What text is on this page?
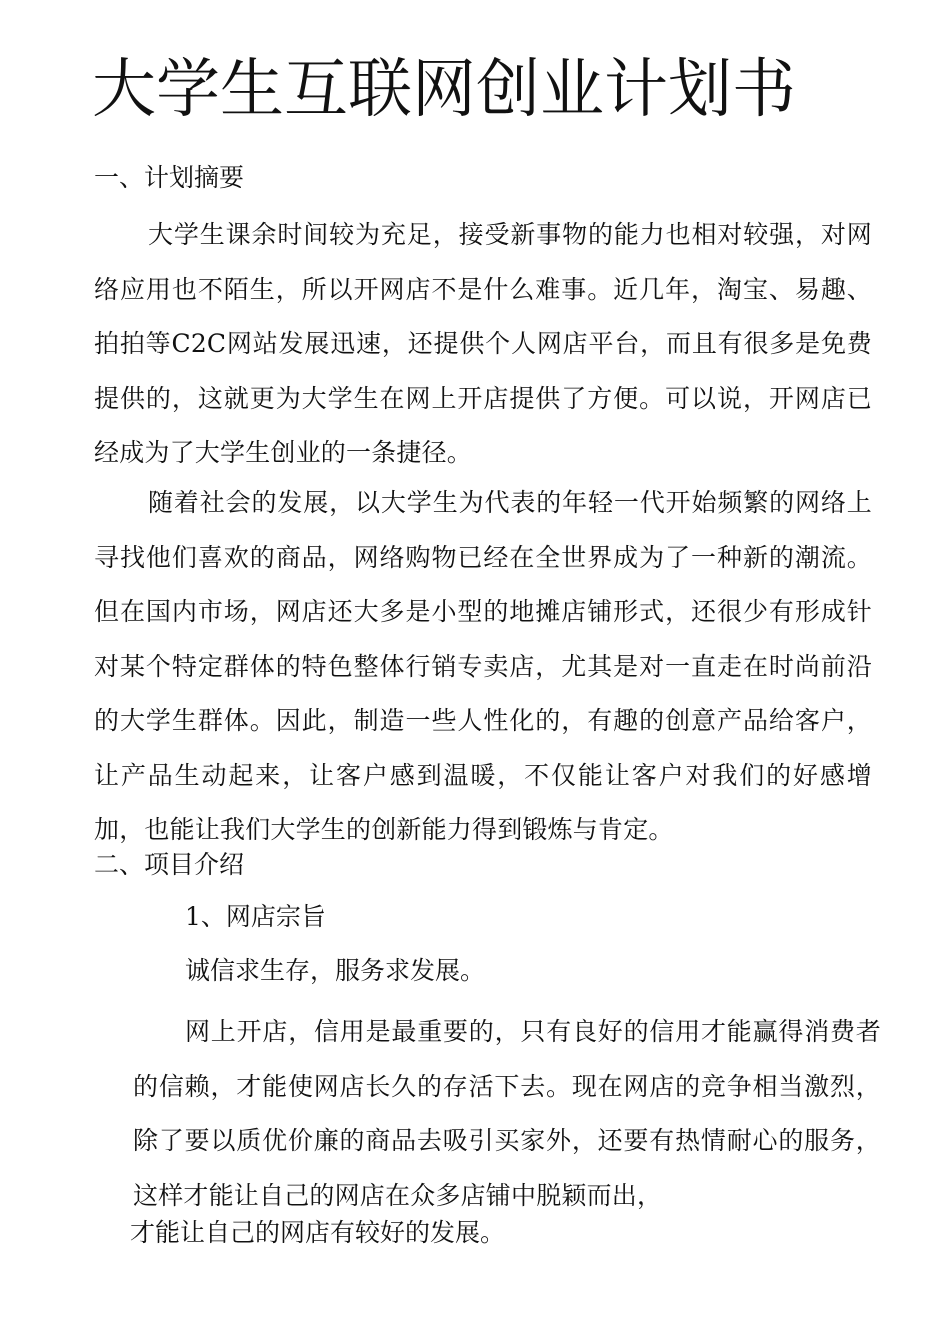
大学生互联网创业计划书
一、计划摘要

大学生课余时间较为充足，接受新事物的能力也相对较强，对网络应用也不陌生，所以开网店不是什么难事。近几年，淘宝、易趣、拍拍等C2C网站发展迅速，还提供个人网店平台，而且有很多是免费提供的，这就更为大学生在网上开店提供了方便。可以说，开网店已经成为了大学生创业的一条捷径。

随着社会的发展，以大学生为代表的年轻一代开始频繁的网络上寻找他们喜欢的商品，网络购物已经在全世界成为了一种新的潮流。但在国内市场，网店还大多是小型的地摊店铺形式，还很少有形成针对某个特定群体的特色整体行销专卖店，尤其是对一直走在时尚前沿的大学生群体。因此，制造一些人性化的，有趣的创意产品给客户，让产品生动起来，让客户感到温暖，不仅能让客户对我们的好感增加，也能让我们大学生的创新能力得到锻炼与肯定。

二、项目介绍

1、网店宗旨

诚信求生存，服务求发展。

网上开店，信用是最重要的，只有良好的信用才能赢得消费者的信赖，才能使网店长久的存活下去。现在网店的竞争相当激烈，除了要以质优价廉的商品去吸引买家外，还要有热情耐心的服务，这样才能让自己的网店在众多店铺中脱颖而出，

才能让自己的网店有较好的发展。
